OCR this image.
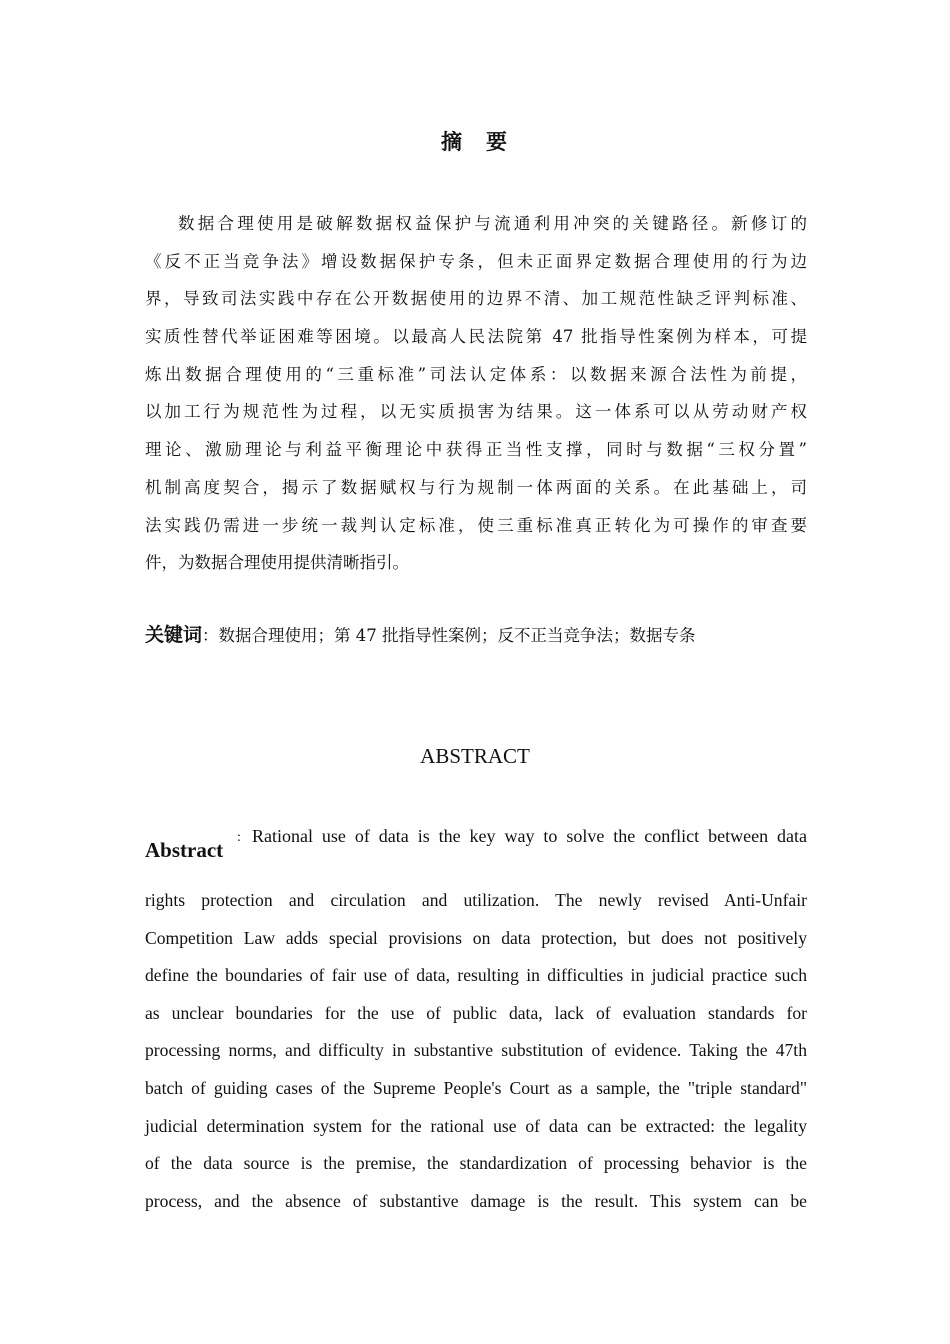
摘 要
数据合理使用是破解数据权益保护与流通利用冲突的关键路径。新修订的
《反不正当竞争法》增设数据保护专条，但未正面界定数据合理使用的行为边
界，导致司法实践中存在公开数据使用的边界不清、加工规范性缺乏评判标准、
实质性替代举证困难等困境。以最高人民法院第 47 批指导性案例为样本，可提
炼出数据合理使用的“三重标准”司法认定体系：以数据来源合法性为前提，
以加工行为规范性为过程，以无实质损害为结果。这一体系可以从劳动财产权
理论、激励理论与利益平衡理论中获得正当性支撑，同时与数据“三权分置”
机制高度契合，揭示了数据赋权与行为规制一体两面的关系。在此基础上，司
法实践仍需进一步统一裁判认定标准，使三重标准真正转化为可操作的审查要
件，为数据合理使用提供清晰指引。
关键词：数据合理使用；第 47 批指导性案例；反不正当竞争法；数据专条
ABSTRACT
Abstract
: Rational use of data is the key way to solve the conflict between data
rights protection and circulation and utilization. The newly revised Anti-Unfair
Competition Law adds special provisions on data protection, but does not positively
define the boundaries of fair use of data, resulting in difficulties in judicial practice such
as unclear boundaries for the use of public data, lack of evaluation standards for
processing norms, and difficulty in substantive substitution of evidence. Taking the 47th
batch of guiding cases of the Supreme People's Court as a sample, the "triple standard"
judicial determination system for the rational use of data can be extracted: the legality
of the data source is the premise, the standardization of processing behavior is the
process, and the absence of substantive damage is the result. This system can be
